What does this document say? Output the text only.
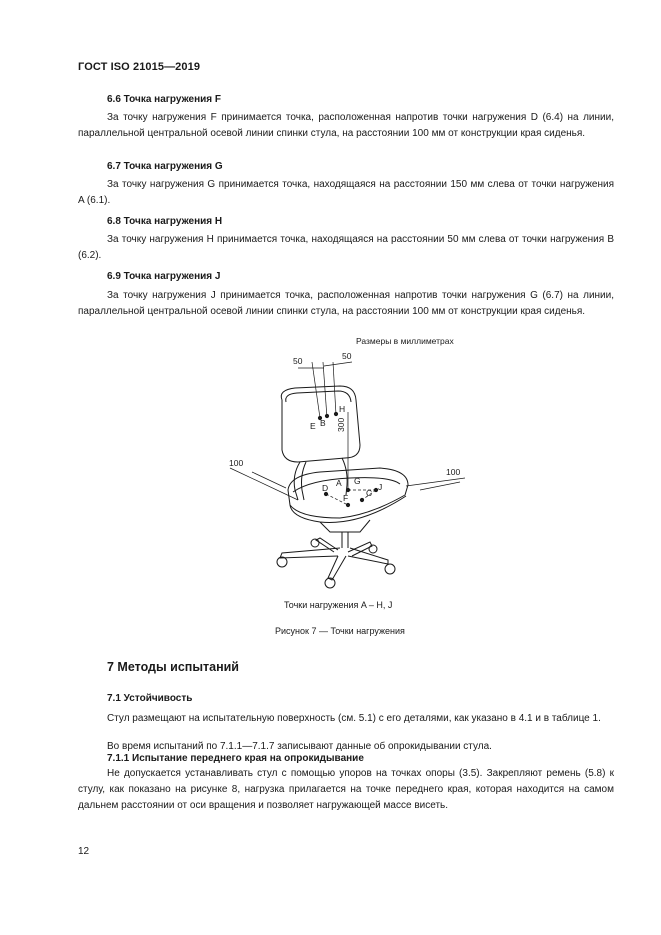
ГОСТ ISO 21015—2019
6.6 Точка нагружения F

За точку нагружения F принимается точка, расположенная напротив точки нагружения D (6.4) на линии, параллельной центральной осевой линии спинки стула, на расстоянии 100 мм от конструкции края сиденья.

6.7 Точка нагружения G

За точку нагружения G принимается точка, находящаяся на расстоянии 150 мм слева от точки нагружения A (6.1).

6.8 Точка нагружения H

За точку нагружения H принимается точка, находящаяся на расстоянии 50 мм слева от точки нагружения B (6.2).

6.9 Точка нагружения J

За точку нагружения J принимается точка, расположенная напротив точки нагружения G (6.7) на линии, параллельной центральной осевой линии спинки стула, на расстоянии 100 мм от конструкции края сиденья.

Размеры в миллиметрах
50	50
100
100
300
E B
H
D A G
J
C
F
Точки нагружения A – H, J
Рисунок 7 — Точки нагружения
7 Методы испытаний
7.1 Устойчивость

Стул размещают на испытательную поверхность (см. 5.1) с его деталями, как указано в 4.1 и в таблице 1.

Во время испытаний по 7.1.1—7.1.7 записывают данные об опрокидывании стула.

7.1.1 Испытание переднего края на опрокидывание

Не допускается устанавливать стул с помощью упоров на точках опоры (3.5). Закрепляют ремень (5.8) к стулу, как показано на рисунке 8, нагрузка прилагается на точке переднего края, которая находится на самом дальнем расстоянии от оси вращения и позволяет нагружающей массе висеть.

12
